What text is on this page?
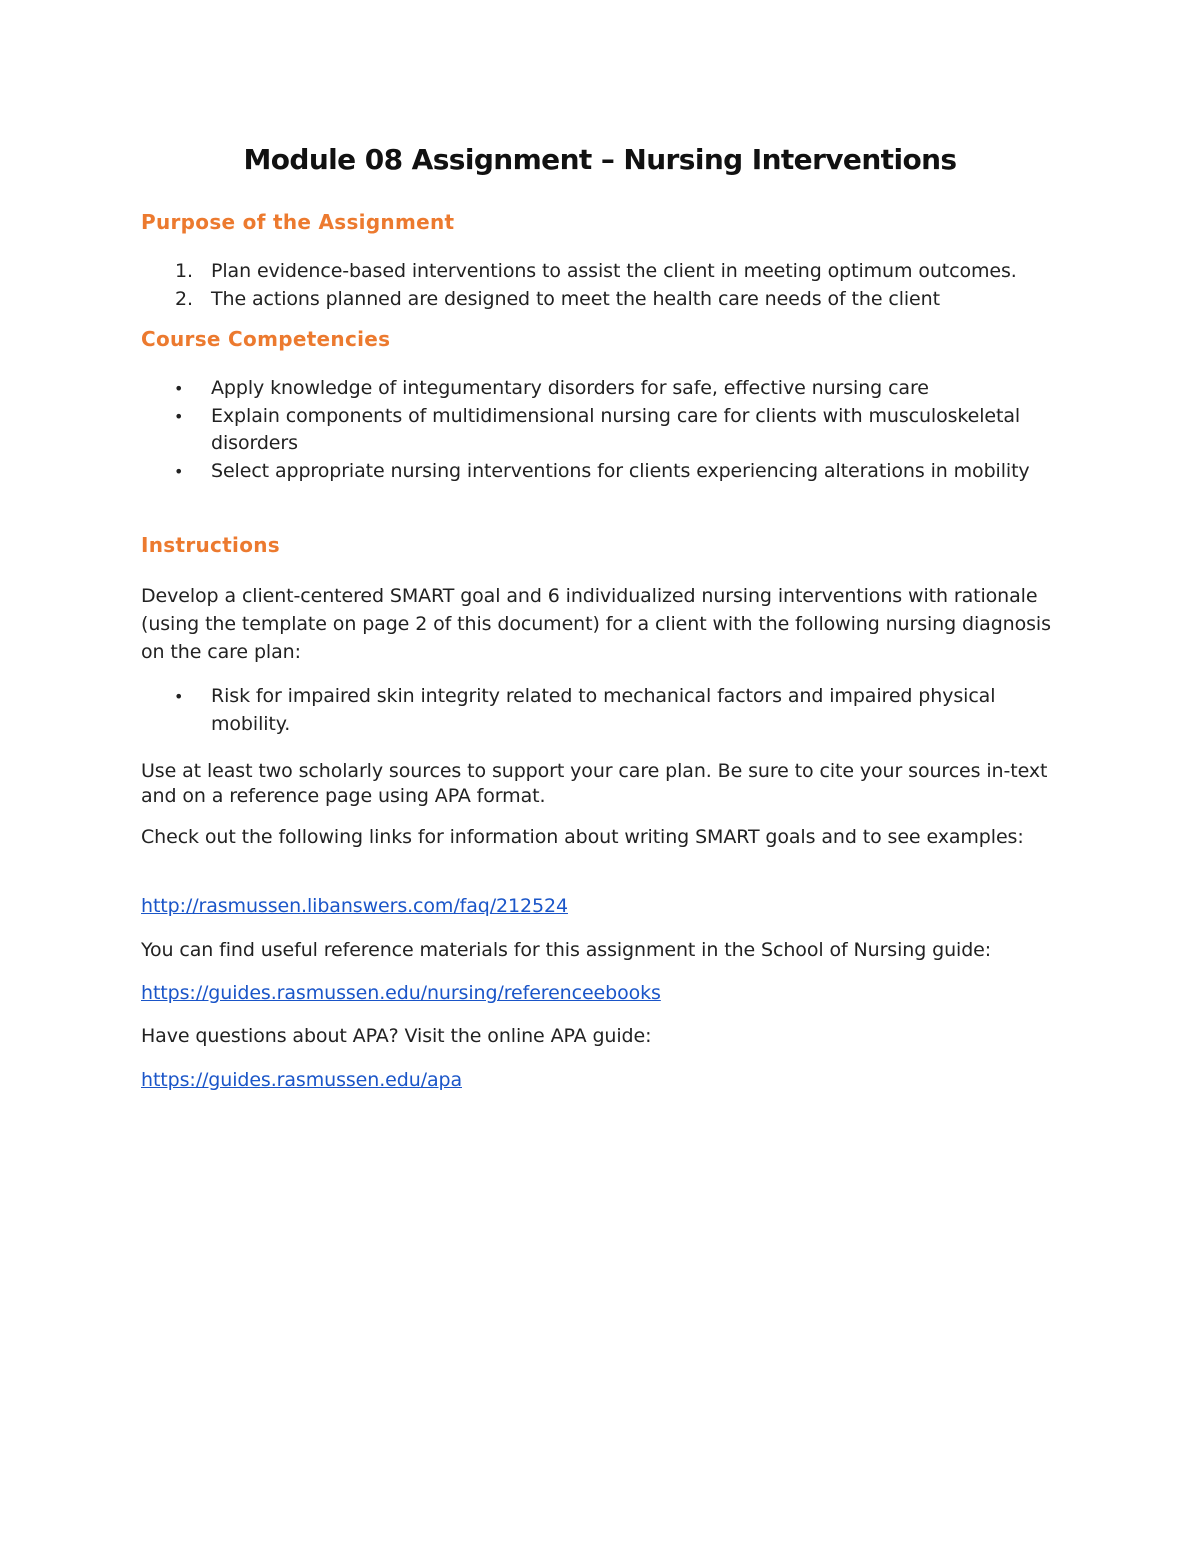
Module 08 Assignment – Nursing Interventions
Purpose of the Assignment
1. Plan evidence-based interventions to assist the client in meeting optimum outcomes.
2. The actions planned are designed to meet the health care needs of the client
Course Competencies
• Apply knowledge of integumentary disorders for safe, effective nursing care
• Explain components of multidimensional nursing care for clients with musculoskeletal disorders
• Select appropriate nursing interventions for clients experiencing alterations in mobility
Instructions

Develop a client-centered SMART goal and 6 individualized nursing interventions with rationale (using the template on page 2 of this document) for a client with the following nursing diagnosis on the care plan:

• Risk for impaired skin integrity related to mechanical factors and impaired physical mobility.

Use at least two scholarly sources to support your care plan. Be sure to cite your sources in-text and on a reference page using APA format.

Check out the following links for information about writing SMART goals and to see examples:

http://rasmussen.libanswers.com/faq/212524

You can find useful reference materials for this assignment in the School of Nursing guide:

https://guides.rasmussen.edu/nursing/referenceebooks

Have questions about APA? Visit the online APA guide:

https://guides.rasmussen.edu/apa
